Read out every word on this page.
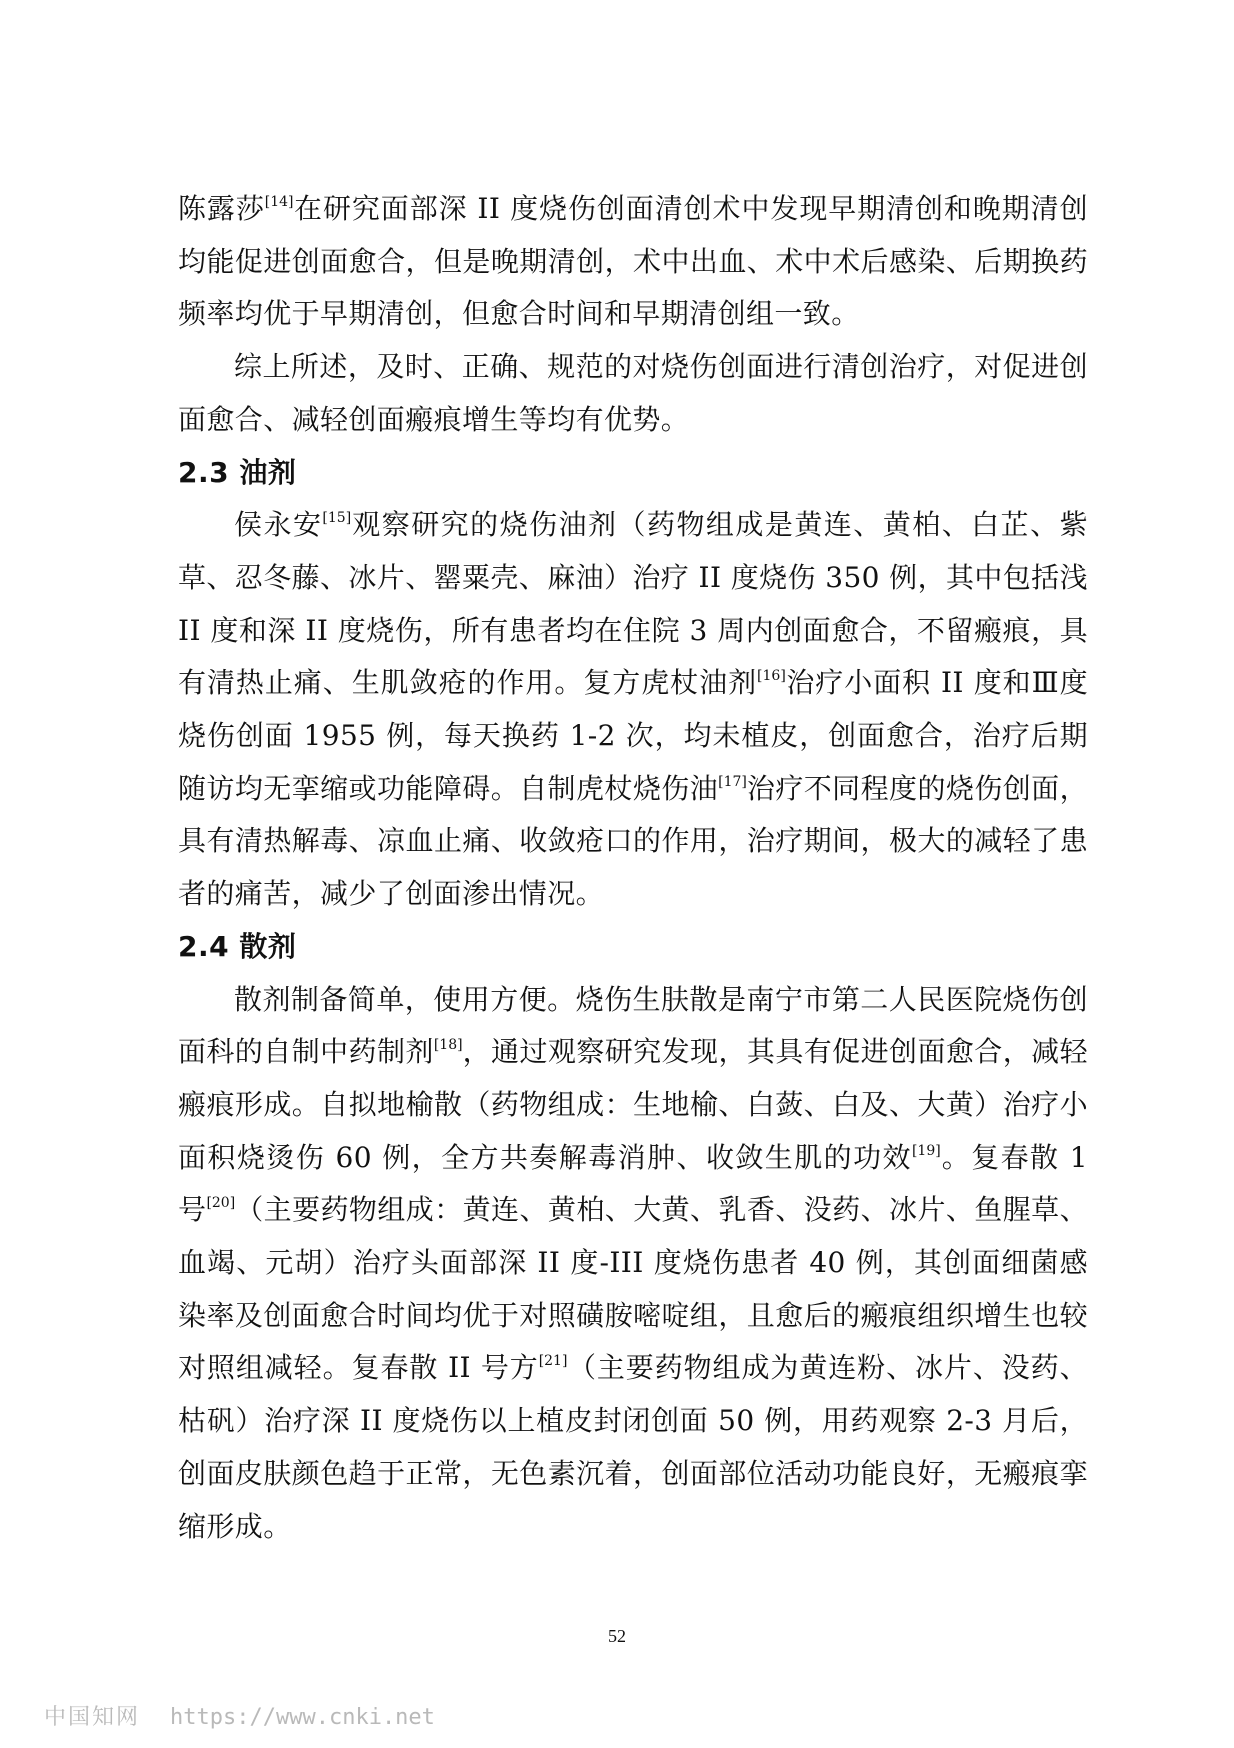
陈露莎[14]在研究面部深 II 度烧伤创面清创术中发现早期清创和晚期清创均能促进创面愈合，但是晚期清创，术中出血、术中术后感染、后期换药频率均优于早期清创，但愈合时间和早期清创组一致。

综上所述，及时、正确、规范的对烧伤创面进行清创治疗，对促进创面愈合、减轻创面瘢痕增生等均有优势。

2.3 油剂

侯永安[15]观察研究的烧伤油剂（药物组成是黄连、黄柏、白芷、紫草、忍冬藤、冰片、罂粟壳、麻油）治疗 II 度烧伤 350 例，其中包括浅 II 度和深 II 度烧伤，所有患者均在住院 3 周内创面愈合，不留瘢痕，具有清热止痛、生肌敛疮的作用。复方虎杖油剂[16]治疗小面积 II 度和Ⅲ度烧伤创面 1955 例，每天换药 1-2 次，均未植皮，创面愈合，治疗后期随访均无挛缩或功能障碍。自制虎杖烧伤油[17]治疗不同程度的烧伤创面，具有清热解毒、凉血止痛、收敛疮口的作用，治疗期间，极大的减轻了患者的痛苦，减少了创面渗出情况。

2.4 散剂

散剂制备简单，使用方便。烧伤生肤散是南宁市第二人民医院烧伤创面科的自制中药制剂[18]，通过观察研究发现，其具有促进创面愈合，减轻瘢痕形成。自拟地榆散（药物组成：生地榆、白蔹、白及、大黄）治疗小面积烧烫伤 60 例，全方共奏解毒消肿、收敛生肌的功效[19]。复春散 1 号[20]（主要药物组成：黄连、黄柏、大黄、乳香、没药、冰片、鱼腥草、血竭、元胡）治疗头面部深 II 度-III 度烧伤患者 40 例，其创面细菌感染率及创面愈合时间均优于对照磺胺嘧啶组，且愈后的瘢痕组织增生也较对照组减轻。复春散 II 号方[21]（主要药物组成为黄连粉、冰片、没药、枯矾）治疗深 II 度烧伤以上植皮封闭创面 50 例，用药观察 2-3 月后，创面皮肤颜色趋于正常，无色素沉着，创面部位活动功能良好，无瘢痕挛缩形成。

52
中国知网 https://www.cnki.net
